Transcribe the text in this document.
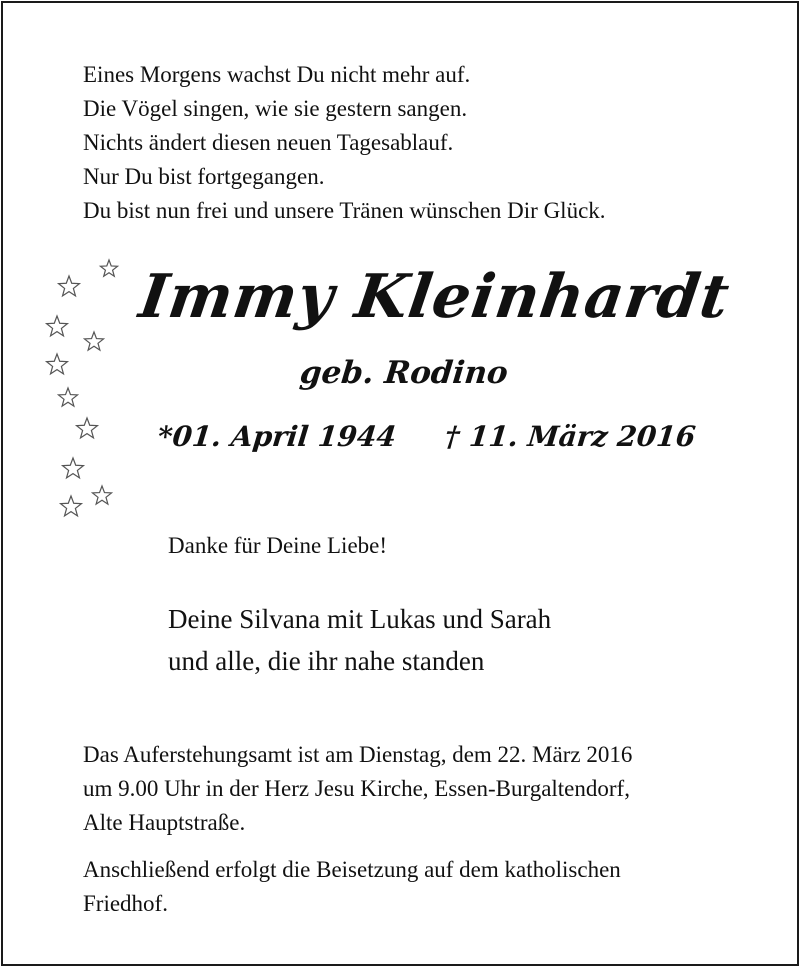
Eines Morgens wachst Du nicht mehr auf.
Die Vögel singen, wie sie gestern sangen.
Nichts ändert diesen neuen Tagesablauf.
Nur Du bist fortgegangen.
Du bist nun frei und unsere Tränen wünschen Dir Glück.
Immy Kleinhardt
geb. Rodino
*01. April 1944 † 11. März 2016
Danke für Deine Liebe!
Deine Silvana mit Lukas und Sarah
und alle, die ihr nahe standen
Das Auferstehungsamt ist am Dienstag, dem 22. März 2016
um 9.00 Uhr in der Herz Jesu Kirche, Essen-Burgaltendorf,
Alte Hauptstraße.
Anschließend erfolgt die Beisetzung auf dem katholischen
Friedhof.
